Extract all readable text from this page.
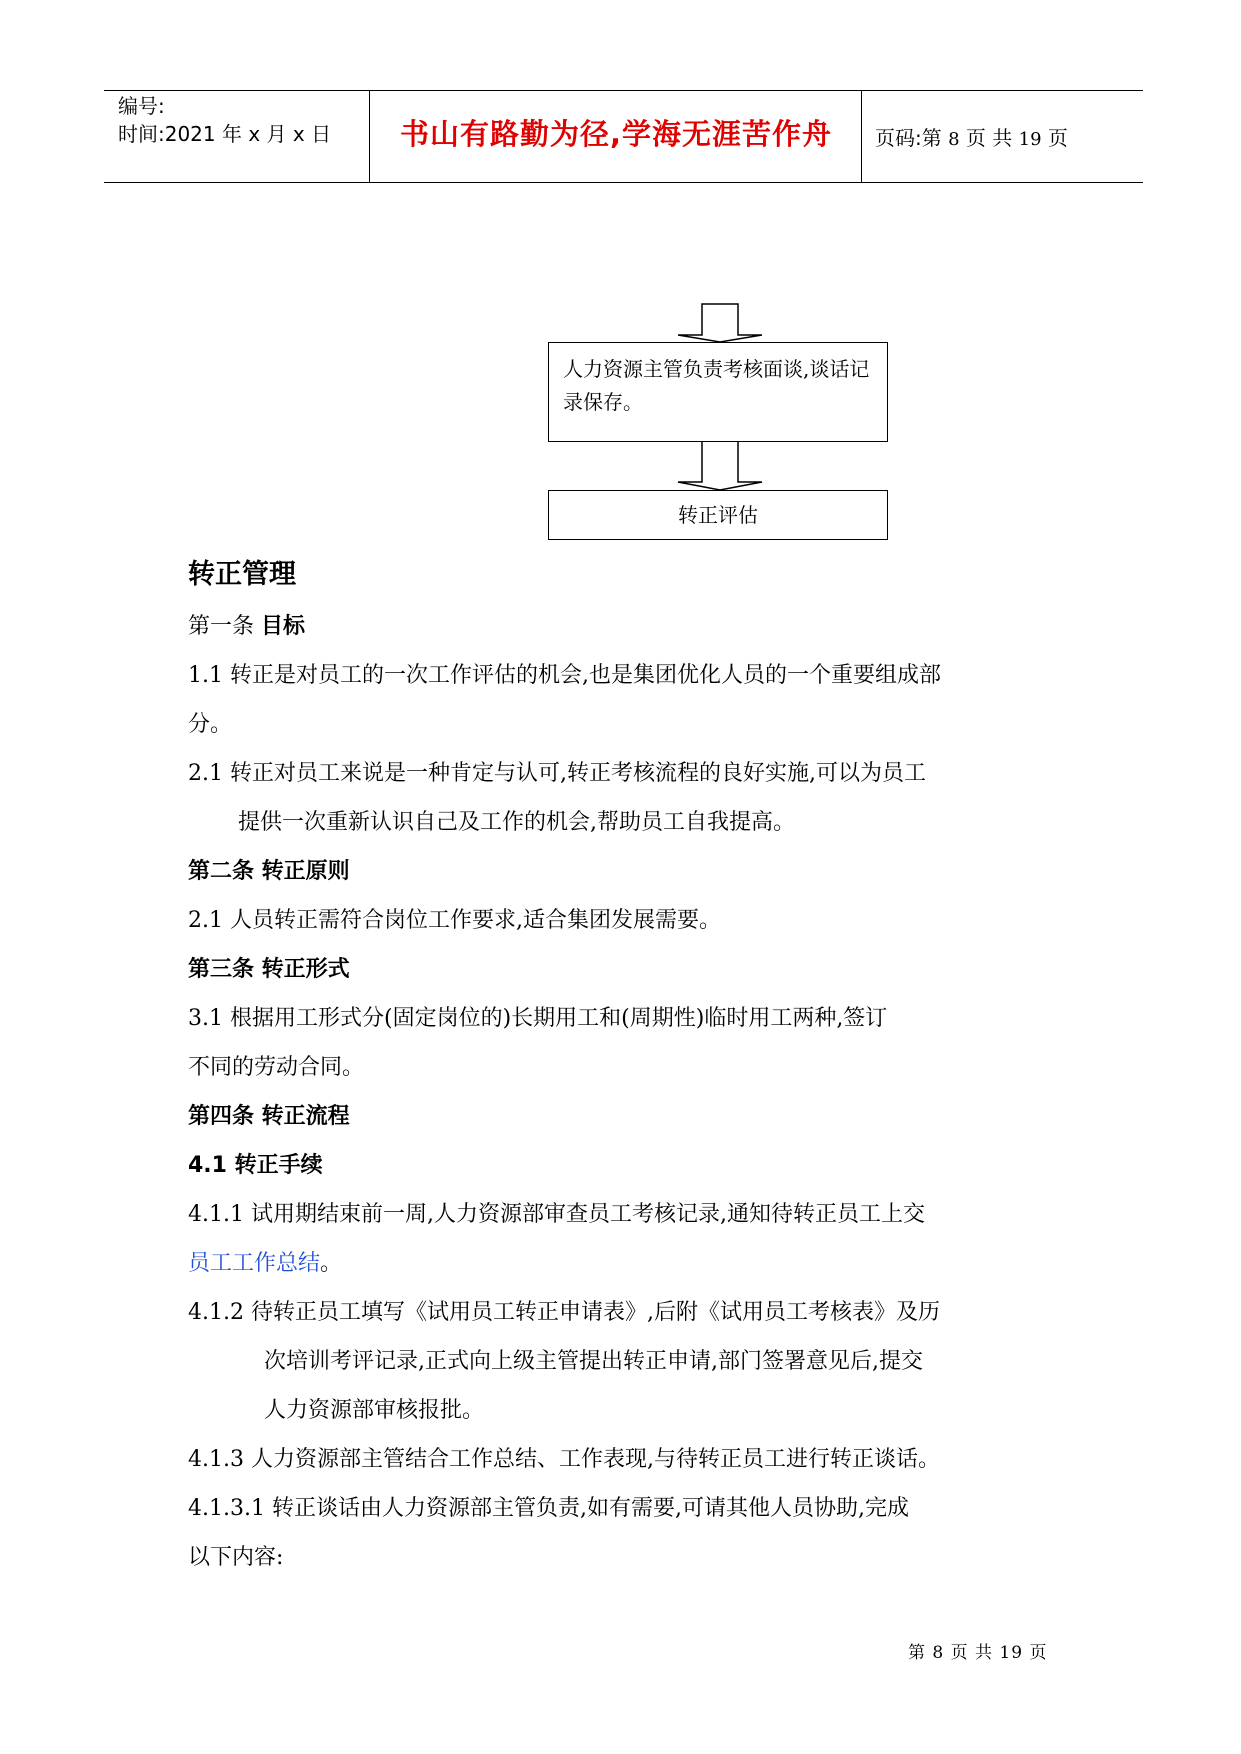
编号:
时间:2021 年 x 月 x 日	书山有路勤为径,学海无涯苦作舟	页码:第 8 页 共 19 页
人力资源主管负责考核面谈,谈话记录保存。
转正评估
转正管理
第一条 目标
1.1 转正是对员工的一次工作评估的机会,也是集团优化人员的一个重要组成部
分。
2.1 转正对员工来说是一种肯定与认可,转正考核流程的良好实施,可以为员工
提供一次重新认识自己及工作的机会,帮助员工自我提高。
第二条 转正原则
2.1 人员转正需符合岗位工作要求,适合集团发展需要。
第三条 转正形式
3.1 根据用工形式分(固定岗位的)长期用工和(周期性)临时用工两种,签订
不同的劳动合同。
第四条 转正流程
4.1 转正手续
4.1.1 试用期结束前一周,人力资源部审查员工考核记录,通知待转正员工上交
员工工作总结。
4.1.2 待转正员工填写《试用员工转正申请表》,后附《试用员工考核表》及历
次培训考评记录,正式向上级主管提出转正申请,部门签署意见后,提交
人力资源部审核报批。
4.1.3 人力资源部主管结合工作总结、工作表现,与待转正员工进行转正谈话。
4.1.3.1 转正谈话由人力资源部主管负责,如有需要,可请其他人员协助,完成
以下内容:
第 8 页 共 19 页
